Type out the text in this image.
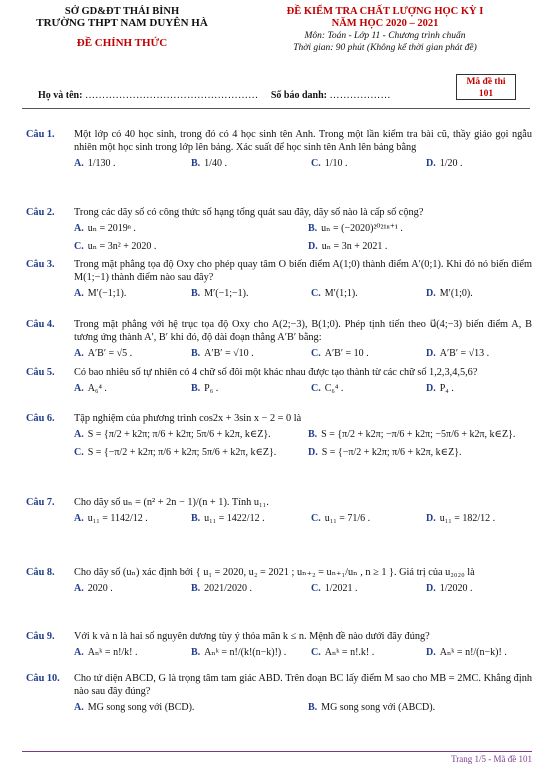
SỞ GD&ĐT THÁI BÌNH
TRƯỜNG THPT NAM DUYÊN HÀ
ĐỀ CHÍNH THỨC
ĐỀ KIỂM TRA CHẤT LƯỢNG HỌC KỲ I
NĂM HỌC 2020 – 2021
Môn: Toán - Lớp 11 - Chương trình chuẩn
Thời gian: 90 phút (Không kể thời gian phát đề)
Mã đề thi
101
Họ và tên: …………………………………………… Số báo danh: ………………
Câu 1. Một lớp có 40 học sinh, trong đó có 4 học sinh tên Anh. Trong một lần kiểm tra bài cũ, thầy giáo gọi ngẫu nhiên một học sinh trong lớp lên bảng. Xác suất để học sinh tên Anh lên bảng bằng
A. 1/130 .	B. 1/40 .	C. 1/10 .	D. 1/20 .
Câu 2. Trong các dãy số có công thức số hạng tổng quát sau đây, dãy số nào là cấp số cộng?
A. uₙ = 2019ⁿ .	B. uₙ = (−2020)²⁰²¹ⁿ⁺¹ .
C. uₙ = 3n² + 2020 .	D. uₙ = 3n + 2021 .
Câu 3. Trong mặt phẳng tọa độ Oxy cho phép quay tâm O biến điểm A(1;0) thành điểm A′(0;1). Khi đó nó biến điểm M(1;−1) thành điểm nào sau đây?
A. M′(−1;1).	B. M′(−1;−1).	C. M′(1;1).	D. M′(1;0).
Câu 4. Trong mặt phẳng với hệ trục tọa độ Oxy cho A(2;−3), B(1;0). Phép tịnh tiến theo u⃗(4;−3) biến điểm A, B tương ứng thành A′, B′ khi đó, độ dài đoạn thẳng A′B′ bằng:
A. A′B′ = √5 .	B. A′B′ = √10 .	C. A′B′ = 10 .	D. A′B′ = √13 .
Câu 5. Có bao nhiêu số tự nhiên có 4 chữ số đôi một khác nhau được tạo thành từ các chữ số 1,2,3,4,5,6?
A. A₆⁴ .	B. P₆ .	C. C₆⁴ .	D. P₄ .
Câu 6. Tập nghiệm của phương trình cos2x + 3sin x − 2 = 0 là
A. S = {π/2 + k2π; π/6 + k2π; 5π/6 + k2π, k∈Z}.	B. S = {π/2 + k2π; −π/6 + k2π; −5π/6 + k2π, k∈Z}.
C. S = {−π/2 + k2π; π/6 + k2π; 5π/6 + k2π, k∈Z}.	D. S = {−π/2 + k2π; π/6 + k2π, k∈Z}.
Câu 7. Cho dãy số uₙ = (n² + 2n − 1)/(n + 1). Tính u₁₁.
A. u₁₁ = 1142/12 .	B. u₁₁ = 1422/12 .	C. u₁₁ = 71/6 .	D. u₁₁ = 182/12 .
Câu 8. Cho dãy số (uₙ) xác định bởi { u₁ = 2020, u₂ = 2021 ; uₙ₊₂ = uₙ₊₁/uₙ , n ≥ 1 }. Giá trị của u₂₀₂₀ là
A. 2020 .	B. 2021/2020 .	C. 1/2021 .	D. 1/2020 .
Câu 9. Với k và n là hai số nguyên dương tùy ý thỏa mãn k ≤ n. Mệnh đề nào dưới đây đúng?
A. Aₙᵏ = n!/k! .	B. Aₙᵏ = n!/(k!(n−k)!) . C. Aₙᵏ = n!.k! .	D. Aₙᵏ = n!/(n−k)! .
Câu 10. Cho tứ diện ABCD, G là trọng tâm tam giác ABD. Trên đoạn BC lấy điểm M sao cho MB = 2MC. Khẳng định nào sau đây đúng?
A. MG song song với (BCD).	B. MG song song với (ABCD).
Trang 1/5 - Mã đề 101
